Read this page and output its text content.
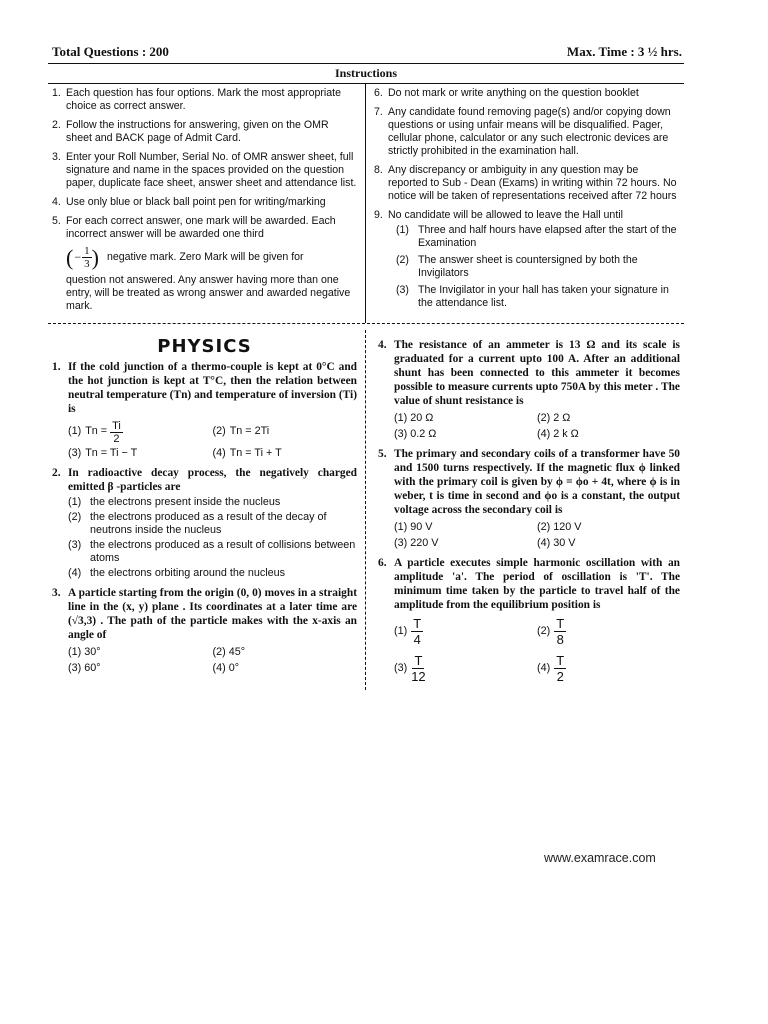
Total Questions : 200	Max. Time : 3 ½ hrs.
Instructions
1. Each question has four options. Mark the most appropriate choice as correct answer.
2. Follow the instructions for answering, given on the OMR sheet and BACK page of Admit Card.
3. Enter your Roll Number, Serial No. of OMR answer sheet, full signature and name in the spaces provided on the question paper, duplicate face sheet, answer sheet and attendance list.
4. Use only blue or black ball point pen for writing/marking
5. For each correct answer, one mark will be awarded. Each incorrect answer will be awarded one third
( − $\frac{1}{3}$ ) negative mark. Zero Mark will be given for
question not answered. Any answer having more than one entry, will be treated as wrong answer and awarded negative mark.
6. Do not mark or write anything on the question booklet
7. Any candidate found removing page(s) and/or copying down questions or using unfair means will be disqualified. Pager, cellular phone, calculator or any such electronic devices are strictly prohibited in the examination hall.
8. Any discrepancy or ambiguity in any question may be reported to Sub - Dean (Exams) in writing within 72 hours. No notice will be taken of representations received after 72 hours
9. No candidate will be allowed to leave the Hall until
(1) Three and half hours have elapsed after the start of the Examination
(2) The answer sheet is countersigned by both the Invigilators
(3) The Invigilator in your hall has taken your signature in the attendance list.
PHYSICS
1. If the cold junction of a thermo-couple is kept at 0°C and the hot junction is kept at T°C, then the relation between neutral temperature (Tn) and temperature of inversion (Ti) is
(1) $Tn = \frac{Ti}{2}$	(2) Tn = 2Ti
(3) Tn = Ti − T	(4) Tn = Ti + T
2. In radioactive decay process, the negatively charged emitted β -particles are
(1) the electrons present inside the nucleus
(2) the electrons produced as a result of the decay of neutrons inside the nucleus
(3) the electrons produced as a result of collisions between atoms
(4) the electrons orbiting around the nucleus
3. A particle starting from the origin (0, 0) moves in a straight line in the (x, y) plane . Its coordinates at a later time are (√3,3) . The path of the particle makes with the x-axis an angle of
(1) 30°	(2) 45°
(3) 60°	(4) 0°
4. The resistance of an ammeter is 13 Ω and its scale is graduated for a current upto 100 A. After an additional shunt has been connected to this ammeter it becomes possible to measure currents upto 750A by this meter . The value of shunt resistance is
(1) 20 Ω	(2) 2 Ω
(3) 0.2 Ω	(4) 2 k Ω
5. The primary and secondary coils of a transformer have 50 and 1500 turns respectively. If the magnetic flux ϕ linked with the primary coil is given by ϕ = ϕo + 4t, where ϕ is in weber, t is time in second and ϕo is a constant, the output voltage across the secondary coil is
(1) 90 V	(2) 120 V
(3) 220 V	(4) 30 V
6. A particle executes simple harmonic oscillation with an amplitude 'a'. The period of oscillation is 'T'. The minimum time taken by the particle to travel half of the amplitude from the equilibrium position is
$(1) \frac{T}{4}$	$(2) \frac{T}{8}$
$(3) \frac{T}{12}$	$(4) \frac{T}{2}$
www.examrace.com
